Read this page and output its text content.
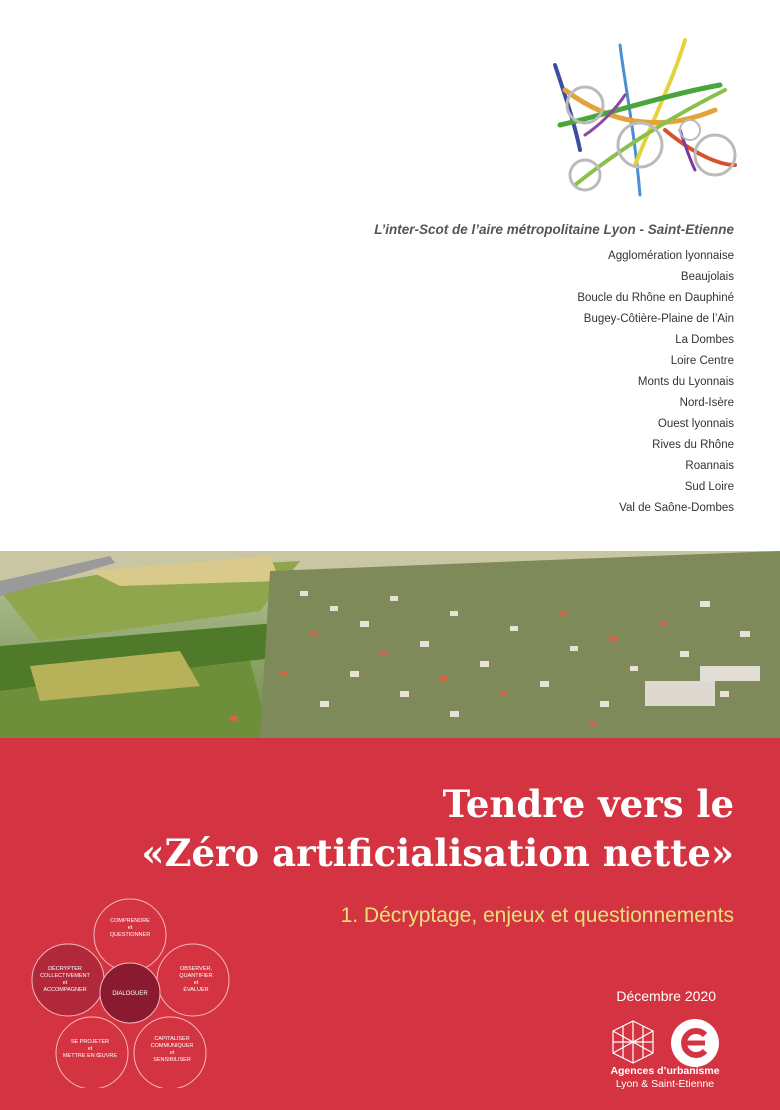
L’inter-Scot de l’aire métropolitaine Lyon - Saint-Etienne
Agglomération lyonnaise
Beaujolais
Boucle du Rhône en Dauphiné
Bugey-Côtière-Plaine de l’Ain
La Dombes
Loire Centre
Monts du Lyonnais
Nord-Isère
Ouest lyonnais
Rives du Rhône
Roannais
Sud Loire
Val de Saône-Dombes
Tendre vers le
«Zéro artificialisation nette»
1. Décryptage, enjeux et questionnements
COMPRENDRE
et
QUESTIONNER
OBSERVER,
QUANTIFIER
et
ÉVALUER
CAPITALISER
COMMUNIQUER
et
SENSIBILISER
SE PROJETER
et
METTRE EN ŒUVRE
DÉCRYPTER
COLLECTIVEMENT
et
ACCOMPAGNER
DIALOGUER	Décembre 2020
Agences d’urbanisme
Lyon & Saint-Etienne
